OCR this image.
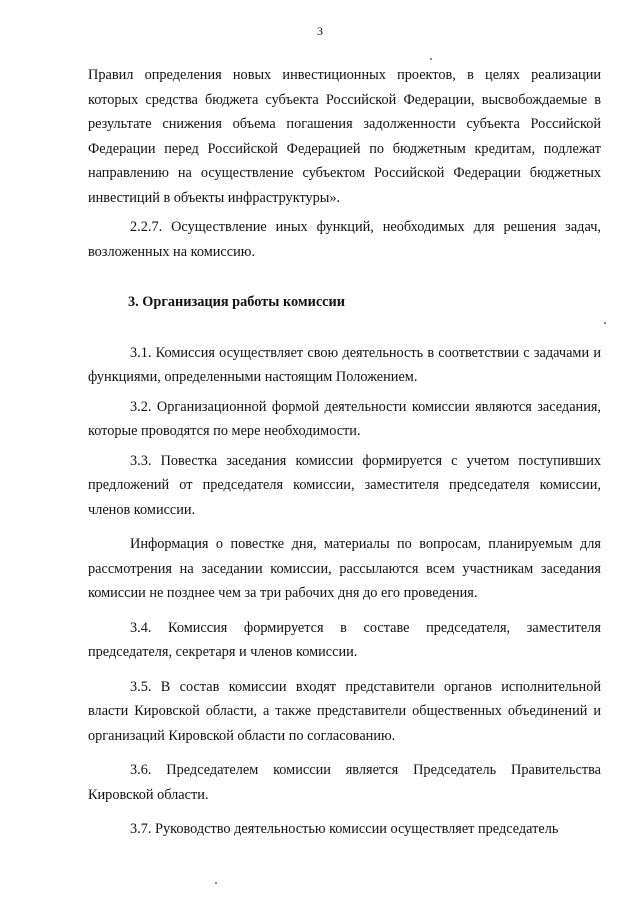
3

Правил определения новых инвестиционных проектов, в целях реализации которых средства бюджета субъекта Российской Федерации, высвобождаемые в результате снижения объема погашения задолженности субъекта Российской Федерации перед Российской Федерацией по бюджетным кредитам, подлежат направлению на осуществление субъектом Российской Федерации бюджетных инвестиций в объекты инфраструктуры».

2.2.7. Осуществление иных функций, необходимых для решения задач, возложенных на комиссию.

3. Организация работы комиссии

3.1. Комиссия осуществляет свою деятельность в соответствии с задачами и функциями, определенными настоящим Положением.

3.2. Организационной формой деятельности комиссии являются заседания, которые проводятся по мере необходимости.

3.3. Повестка заседания комиссии формируется с учетом поступивших предложений от председателя комиссии, заместителя председателя комиссии, членов комиссии.

Информация о повестке дня, материалы по вопросам, планируемым для рассмотрения на заседании комиссии, рассылаются всем участникам заседания комиссии не позднее чем за три рабочих дня до его проведения.

3.4. Комиссия формируется в составе председателя, заместителя председателя, секретаря и членов комиссии.

3.5. В состав комиссии входят представители органов исполнительной власти Кировской области, а также представители общественных объединений и организаций Кировской области по согласованию.

3.6. Председателем комиссии является Председатель Правительства Кировской области.

3.7. Руководство деятельностью комиссии осуществляет председатель
